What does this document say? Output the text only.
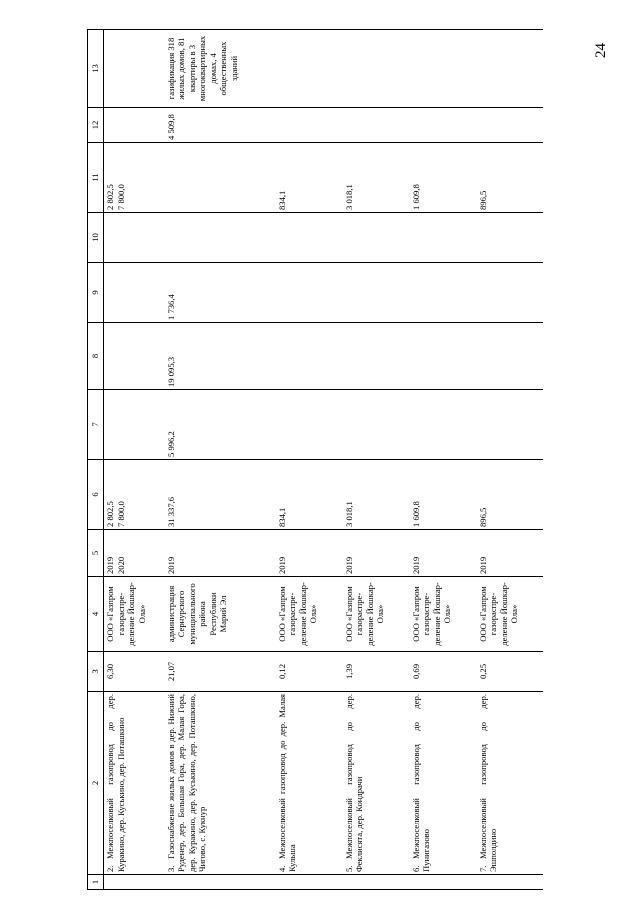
24
1	2	3	4	5	6	7	8	9	10	11	12	13
	2.Межпоселковый газопровод до дер. Куракино, дер. Куськино, дер. Поташкино	6,30	ООО «Газпром газораспре-деление Йошкар-Ола»	2019 2020	2 802,5 7 800,0					2 802,5 7 800,0		

	3.Газоснабжение жилых домов в дер. Нижний Руденер, дер. Большая Гора, дер. Малая Гора, дер. Куракино, дер. Куськино, дер. Поташкино, Чигово, с. Кукнур	21,07	администрация Сернурского муниципального района Республики Марий Эл	2019	31 337,6	5 996,2	19 095,3	1 736,4			4 509,8	газификация 318 жилых домов, 81 квартиры в 3 многоквартирных домах, 4 общественных зданий
	4.Межпоселковый газопровод до дер. Малая Кульша	0,12	ООО «Газпром газораспре-деление Йошкар-Ола»	2019	834,1					834,1		

	5.Межпоселковый газопровод до дер. Феклисята, дер. Кондрачи	1,39	ООО «Газпром газораспре-деление Йошкар-Ола»	2019	3 018,1					3 018,1		

	6.Межпоселковый газопровод до дер. Пунигазово	0,69	ООО «Газпром газораспре-деление Йошкар-Ола»	2019	1 609,8					1 609,8		

	7.Межпоселковый газопровод до дер. Эшполдино	0,25	ООО «Газпром газораспре-деление Йошкар-Ола»	2019	896,5					896,5		
